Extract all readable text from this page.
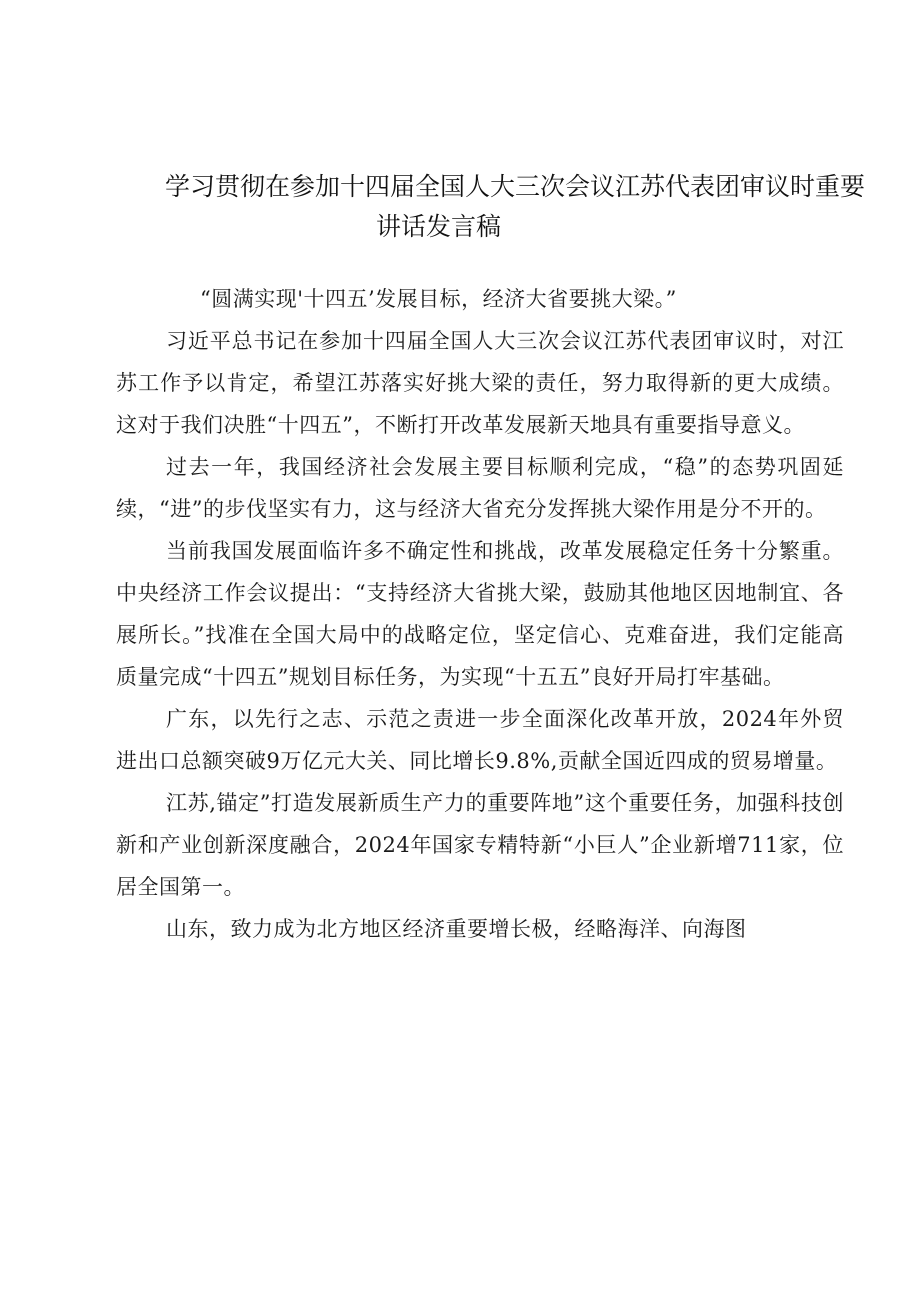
学习贯彻在参加十四届全国人大三次会议江苏代表团审议时重要
讲话发言稿

“圆满实现'十四五’发展目标，经济大省要挑大梁。”

习近平总书记在参加十四届全国人大三次会议江苏代表团审议时，对江苏工作予以肯定，希望江苏落实好挑大梁的责任，努力取得新的更大成绩。这对于我们决胜“十四五”，不断打开改革发展新天地具有重要指导意义。

过去一年，我国经济社会发展主要目标顺利完成，“稳”的态势巩固延续，“进”的步伐坚实有力，这与经济大省充分发挥挑大梁作用是分不开的。

当前我国发展面临许多不确定性和挑战，改革发展稳定任务十分繁重。中央经济工作会议提出：“支持经济大省挑大梁，鼓励其他地区因地制宜、各展所长。”找准在全国大局中的战略定位，坚定信心、克难奋进，我们定能高质量完成“十四五”规划目标任务，为实现“十五五”良好开局打牢基础。

广东，以先行之志、示范之责进一步全面深化改革开放，2024年外贸进出口总额突破9万亿元大关、同比增长9.8%,贡献全国近四成的贸易增量。

江苏,锚定”打造发展新质生产力的重要阵地”这个重要任务，加强科技创新和产业创新深度融合，2024年国家专精特新“小巨人”企业新增711家，位居全国第一。

山东，致力成为北方地区经济重要增长极，经略海洋、向海图
